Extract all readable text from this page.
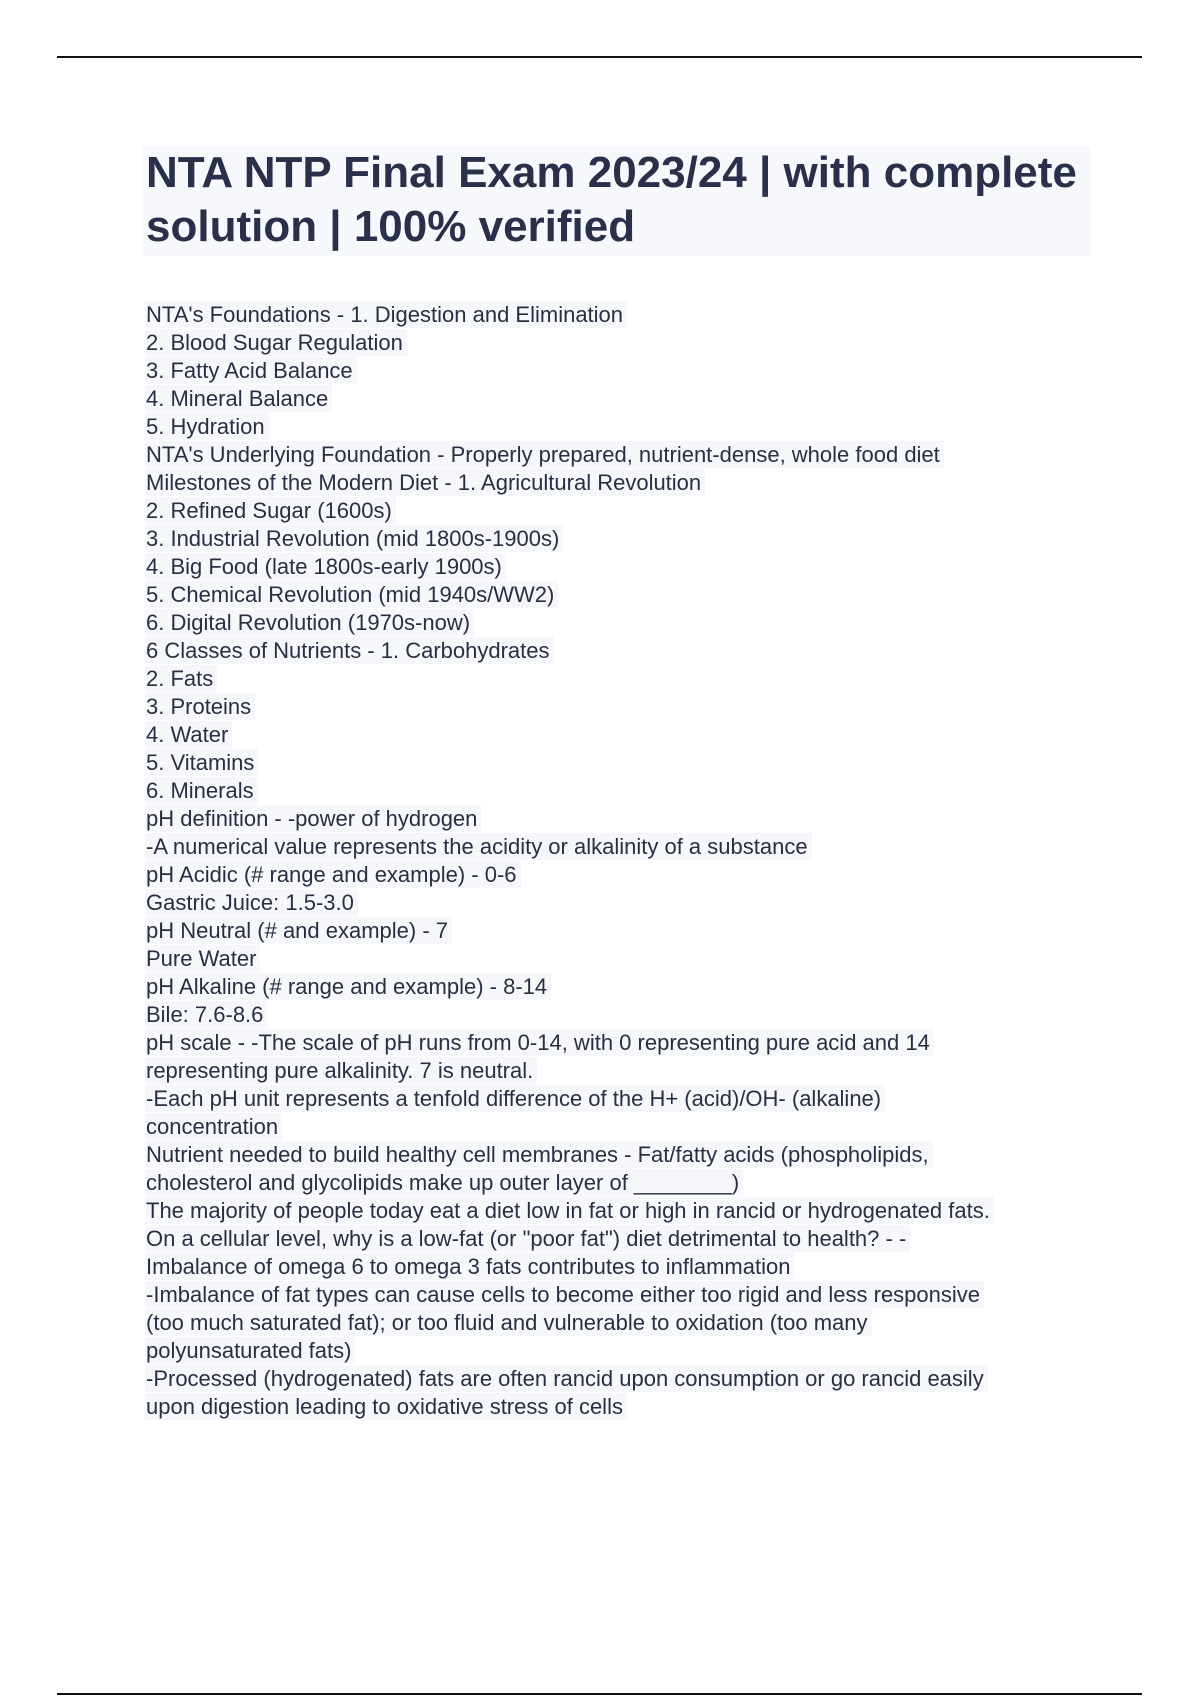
NTA NTP Final Exam 2023/24 | with complete solution | 100% verified
NTA's Foundations - 1. Digestion and Elimination
2. Blood Sugar Regulation
3. Fatty Acid Balance
4. Mineral Balance
5. Hydration
NTA's Underlying Foundation - Properly prepared, nutrient-dense, whole food diet
Milestones of the Modern Diet - 1. Agricultural Revolution
2. Refined Sugar (1600s)
3. Industrial Revolution (mid 1800s-1900s)
4. Big Food (late 1800s-early 1900s)
5. Chemical Revolution (mid 1940s/WW2)
6. Digital Revolution (1970s-now)
6 Classes of Nutrients - 1. Carbohydrates
2. Fats
3. Proteins
4. Water
5. Vitamins
6. Minerals
pH definition - -power of hydrogen
-A numerical value represents the acidity or alkalinity of a substance
pH Acidic (# range and example) - 0-6
Gastric Juice: 1.5-3.0
pH Neutral (# and example) - 7
Pure Water
pH Alkaline (# range and example) - 8-14
Bile: 7.6-8.6
pH scale - -The scale of pH runs from 0-14, with 0 representing pure acid and 14
representing pure alkalinity. 7 is neutral.
-Each pH unit represents a tenfold difference of the H+ (acid)/OH- (alkaline)
concentration
Nutrient needed to build healthy cell membranes - Fat/fatty acids (phospholipids,
cholesterol and glycolipids make up outer layer of ________)
The majority of people today eat a diet low in fat or high in rancid or hydrogenated fats.
On a cellular level, why is a low-fat (or "poor fat") diet detrimental to health? - -
Imbalance of omega 6 to omega 3 fats contributes to inflammation
-Imbalance of fat types can cause cells to become either too rigid and less responsive
(too much saturated fat); or too fluid and vulnerable to oxidation (too many
polyunsaturated fats)
-Processed (hydrogenated) fats are often rancid upon consumption or go rancid easily
upon digestion leading to oxidative stress of cells
